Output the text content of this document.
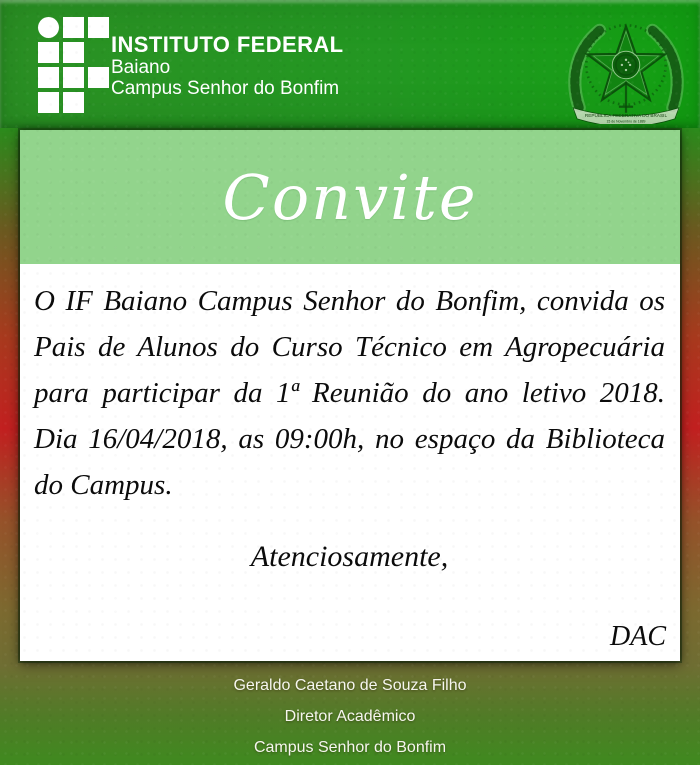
INSTITUTO FEDERAL
Baiano
Campus Senhor do Bonfim
REPÚBLICA FEDERATIVA DO BRASIL
15 de Novembro de 1889
Convite

O IF Baiano Campus Senhor do Bonfim, convida os Pais de Alunos do Curso Técnico em Agropecuária para participar da 1ª Reunião do ano letivo 2018. Dia 16/04/2018, as 09:00h, no espaço da Biblioteca do Campus.

Atenciosamente,

DAC
Geraldo Caetano de Souza Filho
Diretor Acadêmico
Campus Senhor do Bonfim
